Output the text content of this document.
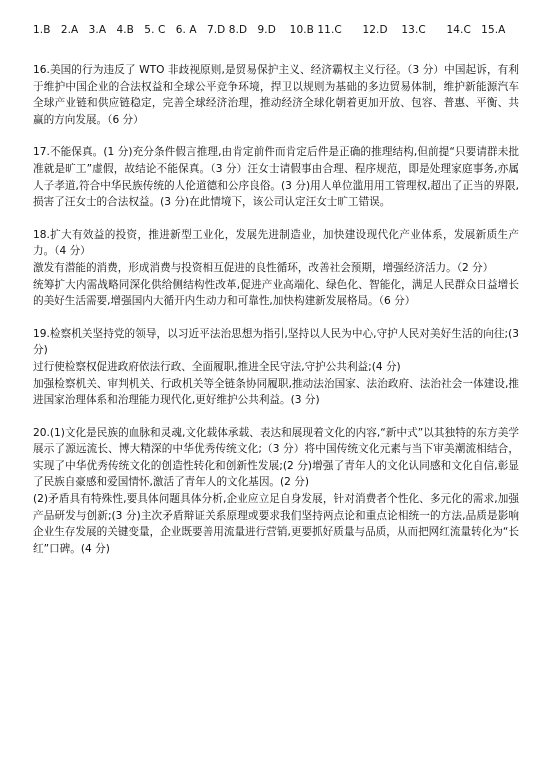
1.B   2.A   3.A   4.B   5. C   6. A   7.D 8.D   9.D    10.B 11.C      12.D    13.C      14.C   15.A

16.美国的行为违反了 WTO 非歧视原则,是贸易保护主义、经济霸权主义行径。（3 分）中国起诉，有利于维护中国企业的合法权益和全球公平竞争环境，捍卫以规则为基础的多边贸易体制，维护新能源汽车全球产业链和供应链稳定，完善全球经济治理，推动经济全球化朝着更加开放、包容、普惠、平衡、共赢的方向发展。（6 分）

17.不能保真。(1 分)充分条件假言推理,由肯定前件而肯定后件是正确的推理结构,但前提“只要请群未批准就是旷工”虚假，故结论不能保真。（3 分）汪女士请假事由合理、程序规范，即是处理家庭事务,亦属人子孝道,符合中华民族传统的人伦道德和公序良俗。(3 分)用人单位滥用用工管理权,超出了正当的界限,损害了汪女士的合法权益。(3 分)在此情境下，该公司认定汪女士旷工错误。

18.扩大有效益的投资，推进新型工业化，发展先进制造业，加快建设现代化产业体系，发展新质生产力。（4 分）

激发有潜能的消费，形成消费与投资相互促进的良性循环，改善社会预期，增强经济活力。（2 分）

统筹扩大内需战略同深化供给侧结构性改革,促进产业高端化、绿色化、智能化，满足人民群众日益增长的美好生活需要,增强国内大循开内生动力和可靠性,加快构建新发展格局。（6 分）

19.检察机关坚持党的领导，以习近平法治思想为指引,坚持以人民为中心,守护人民对美好生活的向往;(3 分)

过行使检察权促进政府依法行政、全面履职,推进全民守法,守护公共利益;(4 分)

加强检察机关、审判机关、行政机关等全链条协同履职,推动法治国家、法治政府、法治社会一体建设,推进国家治理体系和治理能力现代化,更好维护公共利益。(3 分)

20.(1)文化是民族的血脉和灵魂,文化载体承载、表达和展现着文化的内容,“新中式”以其独特的东方美学展示了源远流长、博大精深的中华优秀传统文化;（3 分）将中国传统文化元素与当下审美潮流相结合，实现了中华优秀传统文化的创造性转化和创新性发展;(2 分)增强了青年人的文化认同感和文化自信,彰显了民族自豪感和爱国情怀,激活了青年人的文化基因。(2 分)

(2)矛盾具有特殊性,要具体问题具体分析,企业应立足自身发展，针对消费者个性化、多元化的需求,加强产品研发与创新;(3 分)主次矛盾辩证关系原理或要求我们坚持两点论和重点论相统一的方法,品质是影响企业生存发展的关键变量，企业既要善用流量进行营销,更要抓好质量与品质，从而把网红流量转化为“长红”口碑。(4 分)
